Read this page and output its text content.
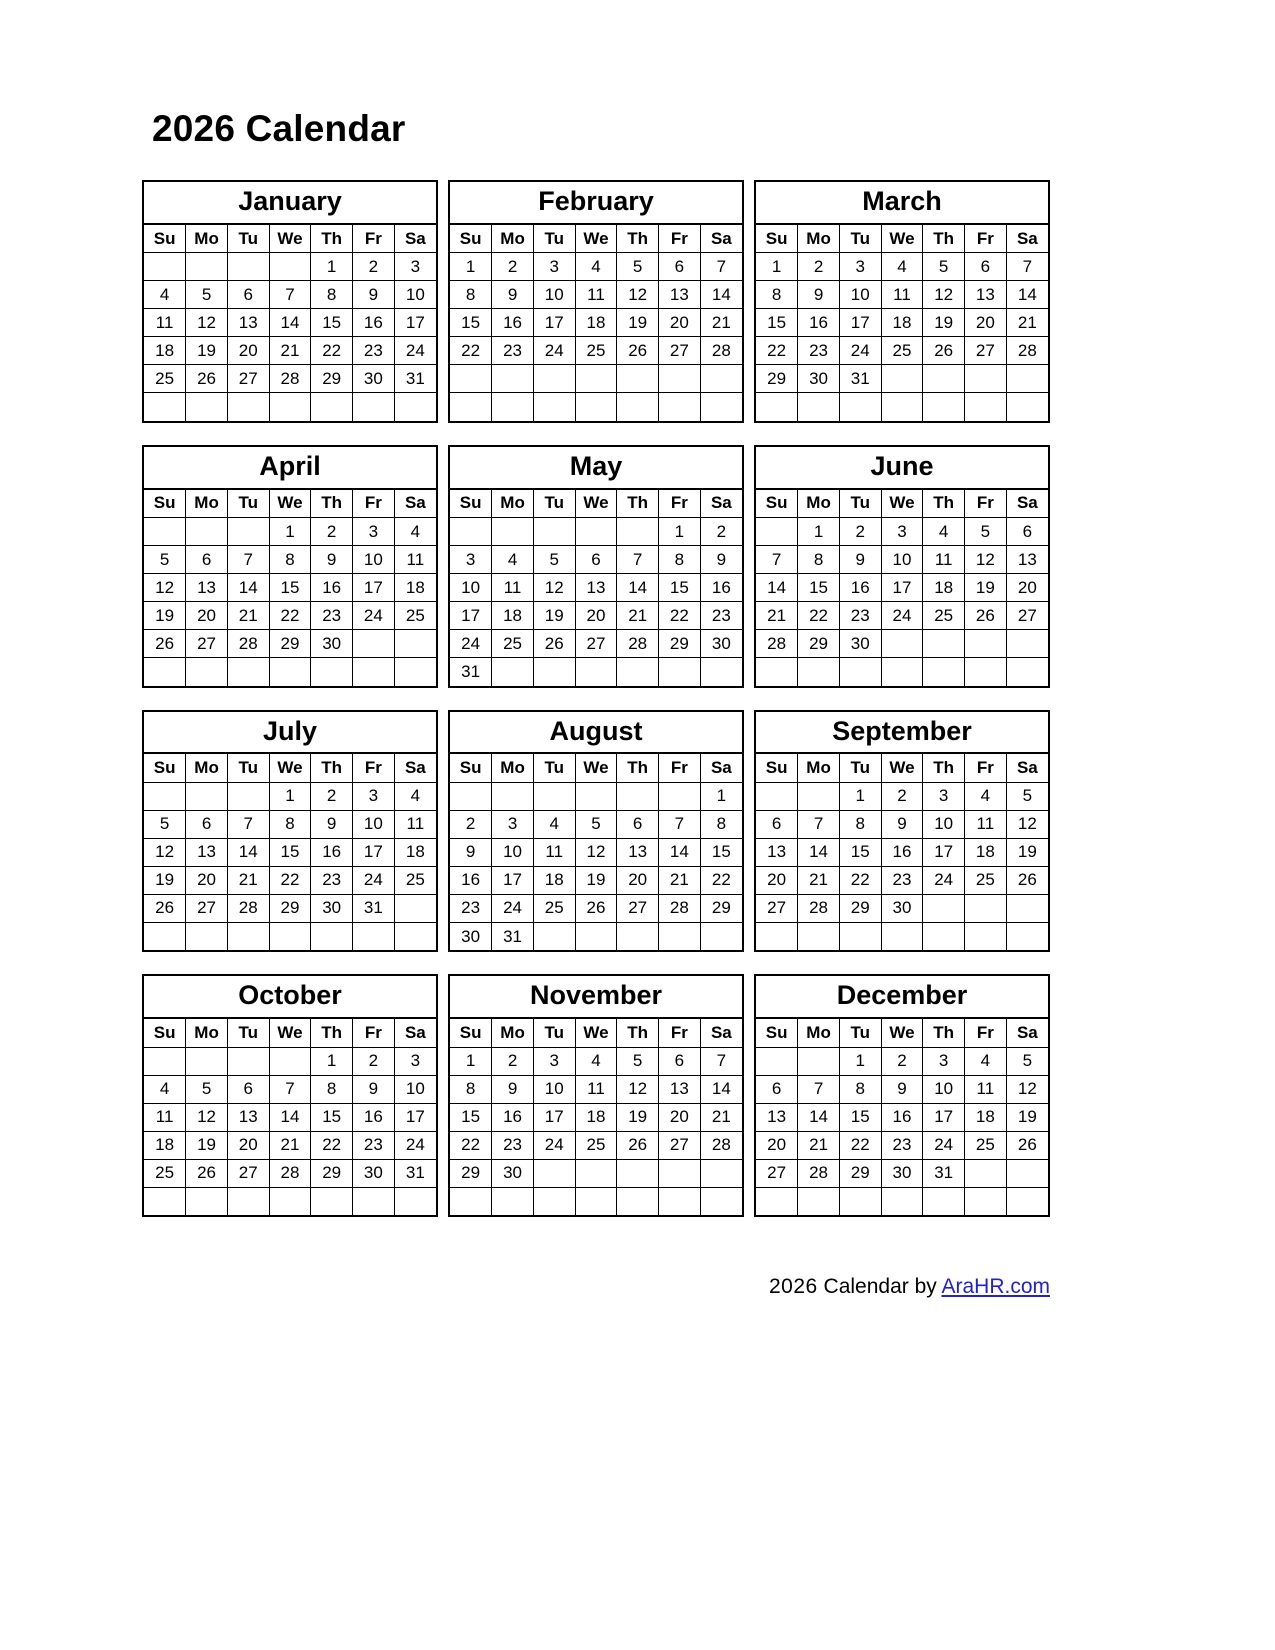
2026 Calendar
January
Su	Mo	Tu	We	Th	Fr	Sa
				1	2	3
4	5	6	7	8	9	10
11	12	13	14	15	16	17
18	19	20	21	22	23	24
25	26	27	28	29	30	31

February
Su	Mo	Tu	We	Th	Fr	Sa
1	2	3	4	5	6	7
8	9	10	11	12	13	14
15	16	17	18	19	20	21
22	23	24	25	26	27	28

March
Su	Mo	Tu	We	Th	Fr	Sa
1	2	3	4	5	6	7
8	9	10	11	12	13	14
15	16	17	18	19	20	21
22	23	24	25	26	27	28
29	30	31				

April
Su	Mo	Tu	We	Th	Fr	Sa
			1	2	3	4
5	6	7	8	9	10	11
12	13	14	15	16	17	18
19	20	21	22	23	24	25
26	27	28	29	30		

May
Su	Mo	Tu	We	Th	Fr	Sa
					1	2
3	4	5	6	7	8	9
10	11	12	13	14	15	16
17	18	19	20	21	22	23
24	25	26	27	28	29	30
31						
June
Su	Mo	Tu	We	Th	Fr	Sa
	1	2	3	4	5	6
7	8	9	10	11	12	13
14	15	16	17	18	19	20
21	22	23	24	25	26	27
28	29	30				

July
Su	Mo	Tu	We	Th	Fr	Sa
			1	2	3	4
5	6	7	8	9	10	11
12	13	14	15	16	17	18
19	20	21	22	23	24	25
26	27	28	29	30	31	

August
Su	Mo	Tu	We	Th	Fr	Sa
						1
2	3	4	5	6	7	8
9	10	11	12	13	14	15
16	17	18	19	20	21	22
23	24	25	26	27	28	29
30	31					
September
Su	Mo	Tu	We	Th	Fr	Sa
		1	2	3	4	5
6	7	8	9	10	11	12
13	14	15	16	17	18	19
20	21	22	23	24	25	26
27	28	29	30			

October
Su	Mo	Tu	We	Th	Fr	Sa
				1	2	3
4	5	6	7	8	9	10
11	12	13	14	15	16	17
18	19	20	21	22	23	24
25	26	27	28	29	30	31

November
Su	Mo	Tu	We	Th	Fr	Sa
1	2	3	4	5	6	7
8	9	10	11	12	13	14
15	16	17	18	19	20	21
22	23	24	25	26	27	28
29	30					

December
Su	Mo	Tu	We	Th	Fr	Sa
		1	2	3	4	5
6	7	8	9	10	11	12
13	14	15	16	17	18	19
20	21	22	23	24	25	26
27	28	29	30	31		

2026 Calendar by AraHR.com
